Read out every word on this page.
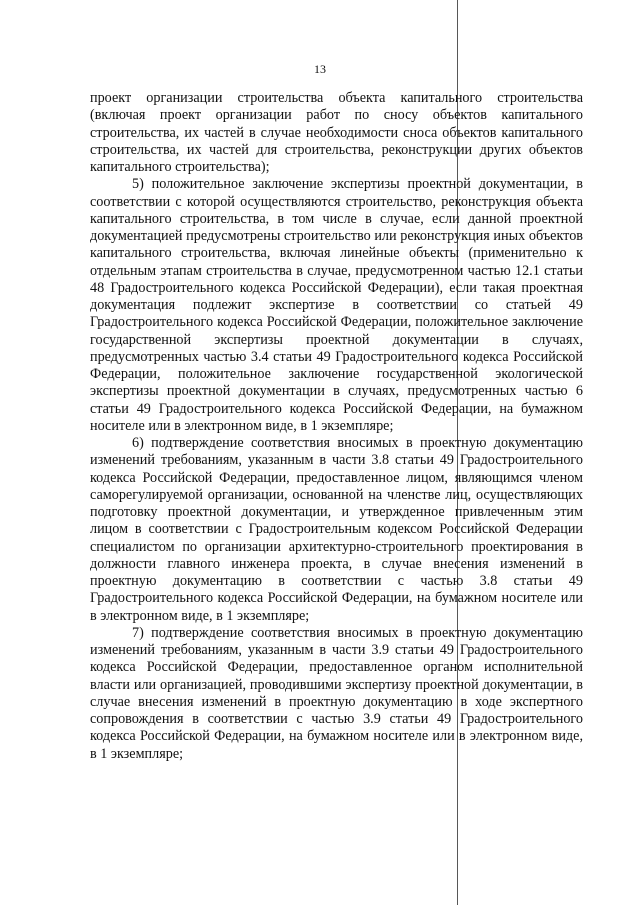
13

проект организации строительства объекта капитального строительства (включая проект организации работ по сносу объектов капитального строительства, их частей в случае необходимости сноса объектов капитального строительства, их частей для строительства, реконструкции других объектов капитального строительства);

5) положительное заключение экспертизы проектной документации, в соответствии с которой осуществляются строительство, реконструкция объекта капитального строительства, в том числе в случае, если данной проектной документацией предусмотрены строительство или реконструкция иных объектов капитального строительства, включая линейные объекты (применительно к отдельным этапам строительства в случае, предусмотренном частью 12.1 статьи 48 Градостроительного кодекса Российской Федерации), если такая проектная документация подлежит экспертизе в соответствии со статьей 49 Градостроительного кодекса Российской Федерации, положительное заключение государственной экспертизы проектной документации в случаях, предусмотренных частью 3.4 статьи 49 Градостроительного кодекса Российской Федерации, положительное заключение государственной экологической экспертизы проектной документации в случаях, предусмотренных частью 6 статьи 49 Градостроительного кодекса Российской Федерации, на бумажном носителе или в электронном виде, в 1 экземпляре;

6) подтверждение соответствия вносимых в проектную документацию изменений требованиям, указанным в части 3.8 статьи 49 Градостроительного кодекса Российской Федерации, предоставленное лицом, являющимся членом саморегулируемой организации, основанной на членстве лиц, осуществляющих подготовку проектной документации, и утвержденное привлеченным этим лицом в соответствии с Градостроительным кодексом Российской Федерации специалистом по организации архитектурно-строительного проектирования в должности главного инженера проекта, в случае внесения изменений в проектную документацию в соответствии с частью 3.8 статьи 49 Градостроительного кодекса Российской Федерации, на бумажном носителе или в электронном виде, в 1 экземпляре;

7) подтверждение соответствия вносимых в проектную документацию изменений требованиям, указанным в части 3.9 статьи 49 Градостроительного кодекса Российской Федерации, предоставленное органом исполнительной власти или организацией, проводившими экспертизу проектной документации, в случае внесения изменений в проектную документацию в ходе экспертного сопровождения в соответствии с частью 3.9 статьи 49 Градостроительного кодекса Российской Федерации, на бумажном носителе или в электронном виде, в 1 экземпляре;
